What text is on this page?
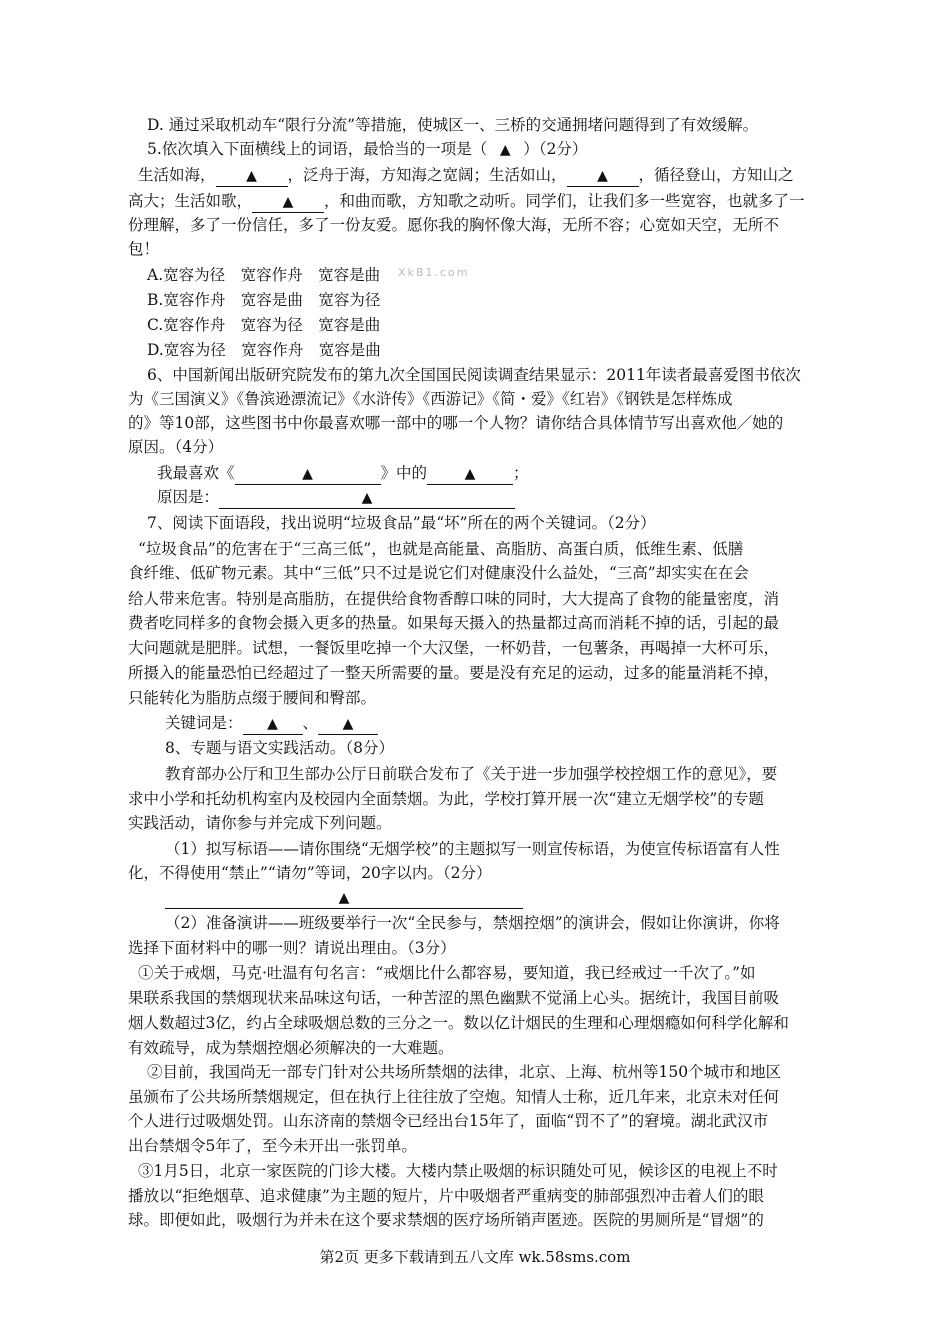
D. 通过采取机动车“限行分流”等措施，使城区一、三桥的交通拥堵问题得到了有效缓解。
5.依次填入下面横线上的词语，最恰当的一项是（ ▲ ）（2分）
生活如海， ▲ ，泛舟于海，方知海之宽阔；生活如山， ▲ ，循径登山，方知山之
高大；生活如歌， ▲ ，和曲而歌，方知歌之动听。同学们，让我们多一些宽容，也就多了一
份理解，多了一份信任，多了一份友爱。愿你我的胸怀像大海，无所不容；心宽如天空，无所不
包！
A.宽容为径　宽容作舟　宽容是曲 XkB1.com
B.宽容作舟　宽容是曲　宽容为径
C.宽容作舟　宽容为径　宽容是曲
D.宽容为径　宽容作舟　宽容是曲
6、中国新闻出版研究院发布的第九次全国国民阅读调查结果显示：2011年读者最喜爱图书依次
为《三国演义》《鲁滨逊漂流记》《水浒传》《西游记》《简・爱》《红岩》《钢铁是怎样炼成
的》等10部，这些图书中你最喜欢哪一部中的哪一个人物？请你结合具体情节写出喜欢他／她的
原因。（4分）
我最喜欢《	▲	》中的	▲ ；
原因是：	▲
7、阅读下面语段，找出说明“垃圾食品”最“坏”所在的两个关键词。（2分）
“垃圾食品”的危害在于“三高三低”，也就是高能量、高脂肪、高蛋白质，低维生素、低膳
食纤维、低矿物元素。其中“三低”只不过是说它们对健康没什么益处，“三高”却实实在在会
给人带来危害。特别是高脂肪，在提供给食物香醇口味的同时，大大提高了食物的能量密度，消
费者吃同样多的食物会摄入更多的热量。如果每天摄入的热量都过高而消耗不掉的话，引起的最
大问题就是肥胖。试想，一餐饭里吃掉一个大汉堡，一杯奶昔，一包薯条，再喝掉一大杯可乐，
所摄入的能量恐怕已经超过了一整天所需要的量。要是没有充足的运动，过多的能量消耗不掉，
只能转化为脂肪点缀于腰间和臀部。
关键词是： ▲ 、 ▲
8、专题与语文实践活动。（8分）
教育部办公厅和卫生部办公厅日前联合发布了《关于进一步加强学校控烟工作的意见》，要
求中小学和托幼机构室内及校园内全面禁烟。为此，学校打算开展一次“建立无烟学校”的专题
实践活动，请你参与并完成下列问题。
（1）拟写标语——请你围绕“无烟学校”的主题拟写一则宣传标语，为使宣传标语富有人性
化，不得使用“禁止”“请勿”等词，20字以内。（2分）
▲
（2）准备演讲——班级要举行一次“全民参与，禁烟控烟”的演讲会，假如让你演讲，你将
选择下面材料中的哪一则？请说出理由。（3分）
①关于戒烟，马克·吐温有句名言：“戒烟比什么都容易，要知道，我已经戒过一千次了。”如
果联系我国的禁烟现状来品味这句话，一种苦涩的黑色幽默不觉涌上心头。据统计，我国目前吸
烟人数超过3亿，约占全球吸烟总数的三分之一。数以亿计烟民的生理和心理烟瘾如何科学化解和
有效疏导，成为禁烟控烟必须解决的一大难题。
②目前，我国尚无一部专门针对公共场所禁烟的法律，北京、上海、杭州等150个城市和地区
虽颁布了公共场所禁烟规定，但在执行上往往放了空炮。知情人士称，近几年来，北京未对任何
个人进行过吸烟处罚。山东济南的禁烟令已经出台15年了，面临“罚不了”的窘境。湖北武汉市
出台禁烟令5年了，至今未开出一张罚单。
③1月5日，北京一家医院的门诊大楼。大楼内禁止吸烟的标识随处可见，候诊区的电视上不时
播放以“拒绝烟草、追求健康”为主题的短片，片中吸烟者严重病变的肺部强烈冲击着人们的眼
球。即便如此，吸烟行为并未在这个要求禁烟的医疗场所销声匿迹。医院的男厕所是“冒烟”的
第2页 更多下载请到五八文库 wk.58sms.com
